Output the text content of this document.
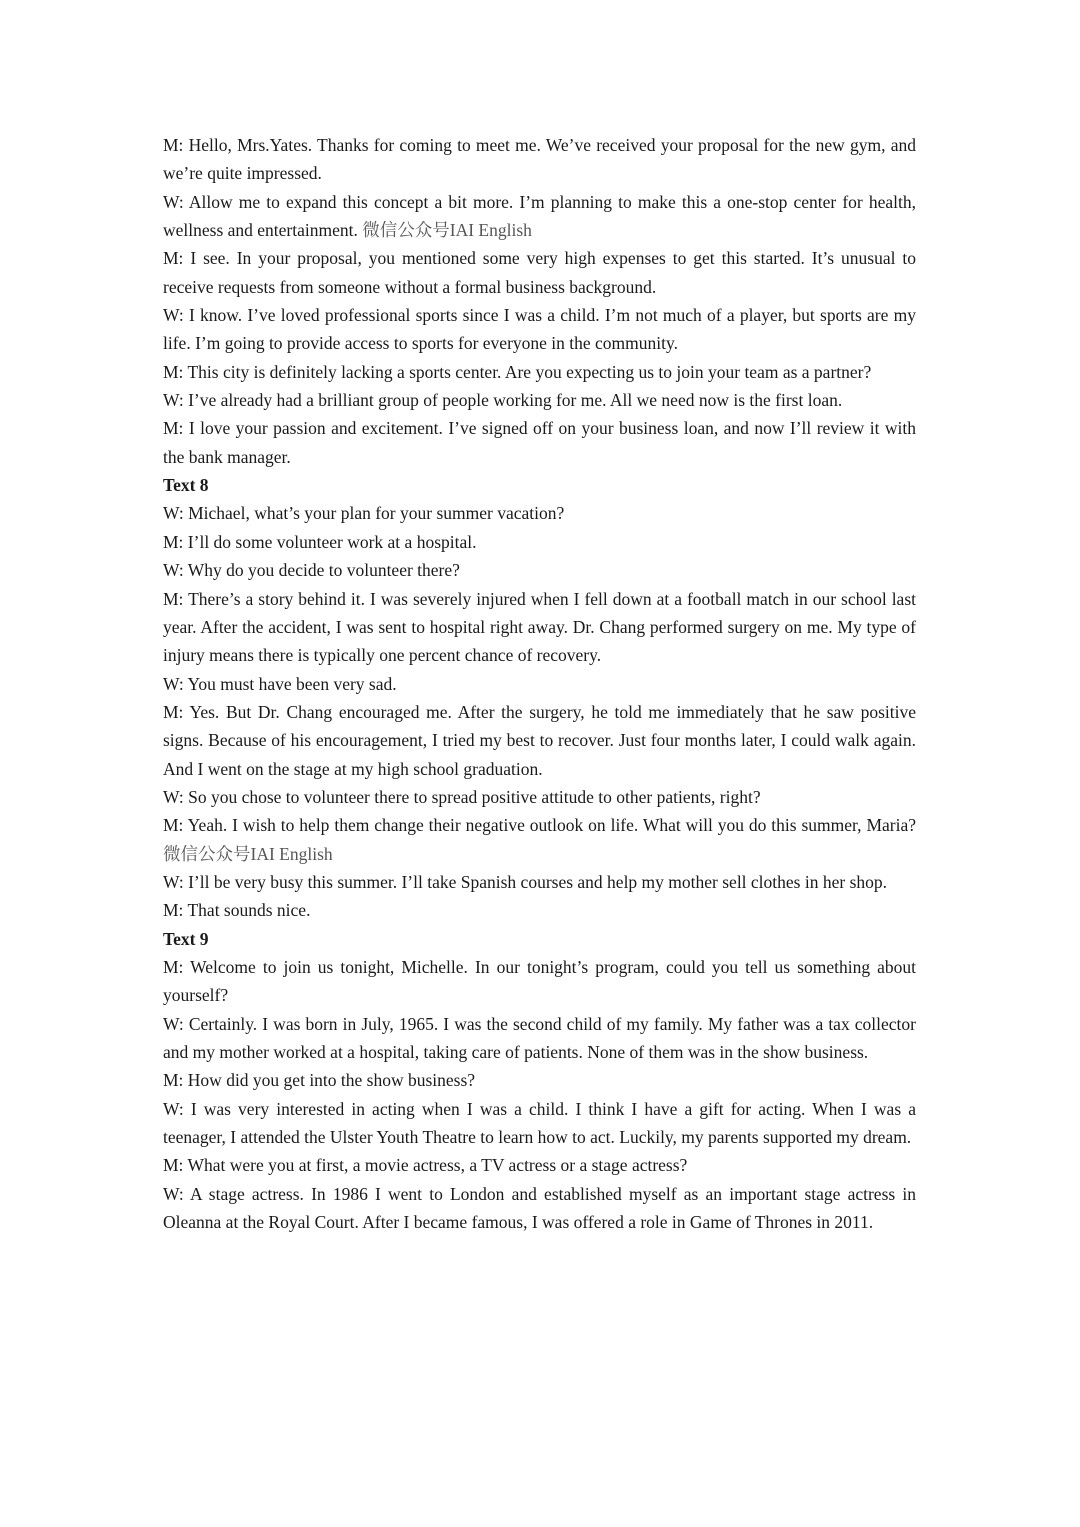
M: Hello, Mrs.Yates. Thanks for coming to meet me. We’ve received your proposal for the new gym, and we’re quite impressed.

W: Allow me to expand this concept a bit more. I’m planning to make this a one-stop center for health, wellness and entertainment. 微信公众号IAI English

M: I see. In your proposal, you mentioned some very high expenses to get this started. It’s unusual to receive requests from someone without a formal business background.

W: I know. I’ve loved professional sports since I was a child. I’m not much of a player, but sports are my life. I’m going to provide access to sports for everyone in the community.

M: This city is definitely lacking a sports center. Are you expecting us to join your team as a partner?

W: I’ve already had a brilliant group of people working for me. All we need now is the first loan.

M: I love your passion and excitement. I’ve signed off on your business loan, and now I’ll review it with the bank manager.

Text 8

W: Michael, what’s your plan for your summer vacation?

M: I’ll do some volunteer work at a hospital.

W: Why do you decide to volunteer there?

M: There’s a story behind it. I was severely injured when I fell down at a football match in our school last year. After the accident, I was sent to hospital right away. Dr. Chang performed surgery on me. My type of injury means there is typically one percent chance of recovery.

W: You must have been very sad.

M: Yes. But Dr. Chang encouraged me. After the surgery, he told me immediately that he saw positive signs. Because of his encouragement, I tried my best to recover. Just four months later, I could walk again. And I went on the stage at my high school graduation.

W: So you chose to volunteer there to spread positive attitude to other patients, right?

M: Yeah. I wish to help them change their negative outlook on life. What will you do this summer, Maria? 微信公众号IAI English

W: I’ll be very busy this summer. I’ll take Spanish courses and help my mother sell clothes in her shop.

M: That sounds nice.

Text 9

M: Welcome to join us tonight, Michelle. In our tonight’s program, could you tell us something about yourself?

W: Certainly. I was born in July, 1965. I was the second child of my family. My father was a tax collector and my mother worked at a hospital, taking care of patients. None of them was in the show business.

M: How did you get into the show business?

W: I was very interested in acting when I was a child. I think I have a gift for acting. When I was a teenager, I attended the Ulster Youth Theatre to learn how to act. Luckily, my parents supported my dream.

M: What were you at first, a movie actress, a TV actress or a stage actress?

W: A stage actress. In 1986 I went to London and established myself as an important stage actress in Oleanna at the Royal Court. After I became famous, I was offered a role in Game of Thrones in 2011.
